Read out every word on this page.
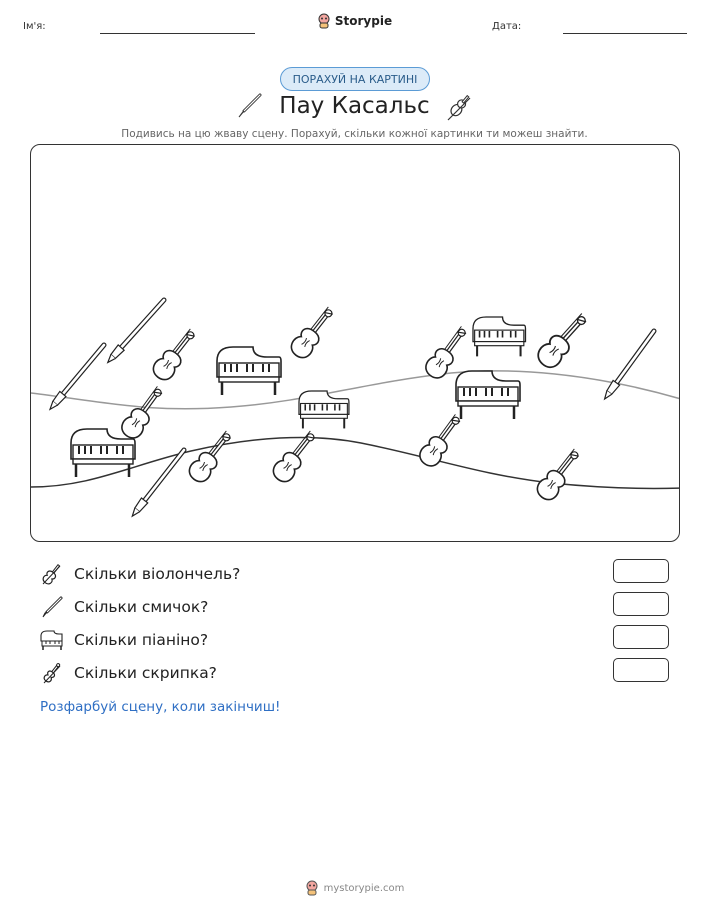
Ім'я:	Storypie	Дата:
ПОРАХУЙ НА КАРТИНІ
Пау Касальс
Подивись на цю жваву сцену. Порахуй, скільки кожної картинки ти можеш знайти.
Скільки віолончель?
Скільки смичок?
Скільки піаніно?
Скільки скрипка?
Розфарбуй сцену, коли закінчиш!
mystorypie.com
